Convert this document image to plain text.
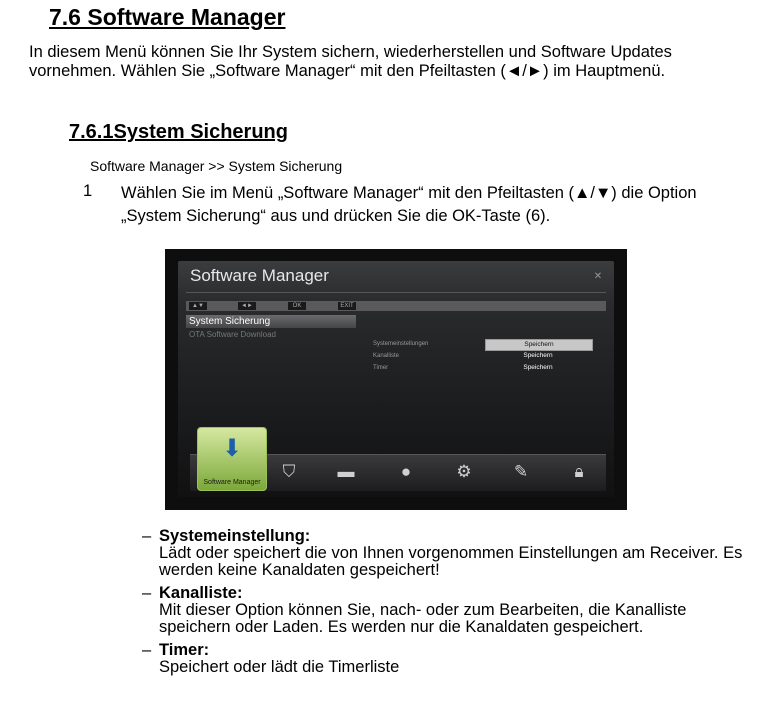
7.6 Software Manager
In diesem Menü können Sie Ihr System sichern, wiederherstellen und Software Updates vornehmen. Wählen Sie „Software Manager“ mit den Pfeiltasten (◄/►) im Hauptmenü.
7.6.1System Sicherung
Software Manager >> System Sicherung
1 Wählen Sie im Menü „Software Manager“ mit den Pfeiltasten (▲/▼) die Option „System Sicherung“ aus und drücken Sie die OK-Taste (6).
Software Manager	✕
▲▼	◄►	OK	EXIT
System Sicherung
OTA Software Download
Systemeinstellungen	Speichern
Kanalliste	Speichern
Timer	Speichern
⬇
Software Manager
⛉ ▬	●	⚙ ✎	🔒︎
– Systemeinstellung:
Lädt oder speichert die von Ihnen vorgenommen Einstellungen am Receiver. Es werden keine Kanaldaten gespeichert!
– Kanalliste:
Mit dieser Option können Sie, nach- oder zum Bearbeiten, die Kanalliste speichern oder Laden. Es werden nur die Kanaldaten gespeichert.
– Timer:
Speichert oder lädt die Timerliste
